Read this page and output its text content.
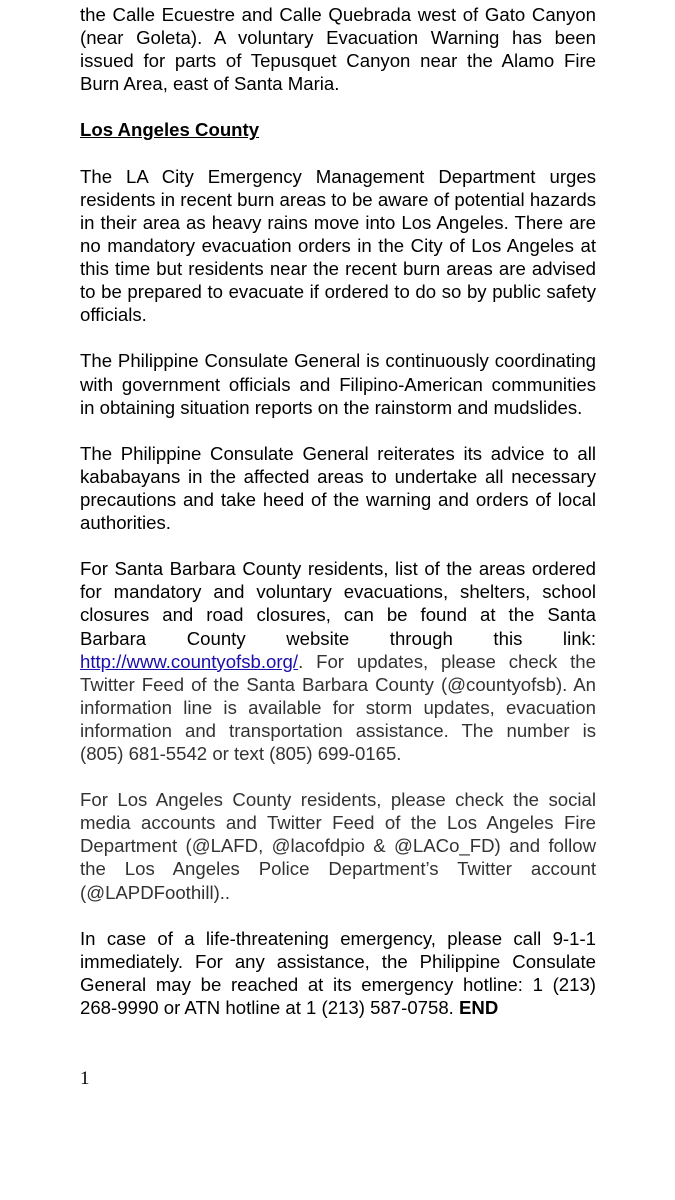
the Calle Ecuestre and Calle Quebrada west of Gato Canyon (near Goleta). A voluntary Evacuation Warning has been issued for parts of Tepusquet Canyon near the Alamo Fire Burn Area, east of Santa Maria.

Los Angeles County

The LA City Emergency Management Department urges residents in recent burn areas to be aware of potential hazards in their area as heavy rains move into Los Angeles. There are no mandatory evacuation orders in the City of Los Angeles at this time but residents near the recent burn areas are advised to be prepared to evacuate if ordered to do so by public safety officials.

The Philippine Consulate General is continuously coordinating with government officials and Filipino-American communities in obtaining situation reports on the rainstorm and mudslides.

The Philippine Consulate General reiterates its advice to all kababayans in the affected areas to undertake all necessary precautions and take heed of the warning and orders of local authorities.

For Santa Barbara County residents, list of the areas ordered for mandatory and voluntary evacuations, shelters, school closures and road closures, can be found at the Santa Barbara County website through this link: http://www.countyofsb.org/. For updates, please check the Twitter Feed of the Santa Barbara County (@countyofsb). An information line is available for storm updates, evacuation information and transportation assistance. The number is (805) 681-5542 or text (805) 699-0165.

For Los Angeles County residents, please check the social media accounts and Twitter Feed of the Los Angeles Fire Department (@LAFD, @lacofdpio & @LACo_FD) and follow the Los Angeles Police Department’s Twitter account (@LAPDFoothill)..

In case of a life-threatening emergency, please call 9-1-1 immediately. For any assistance, the Philippine Consulate General may be reached at its emergency hotline: 1 (213) 268-9990 or ATN hotline at 1 (213) 587-0758. END

1
